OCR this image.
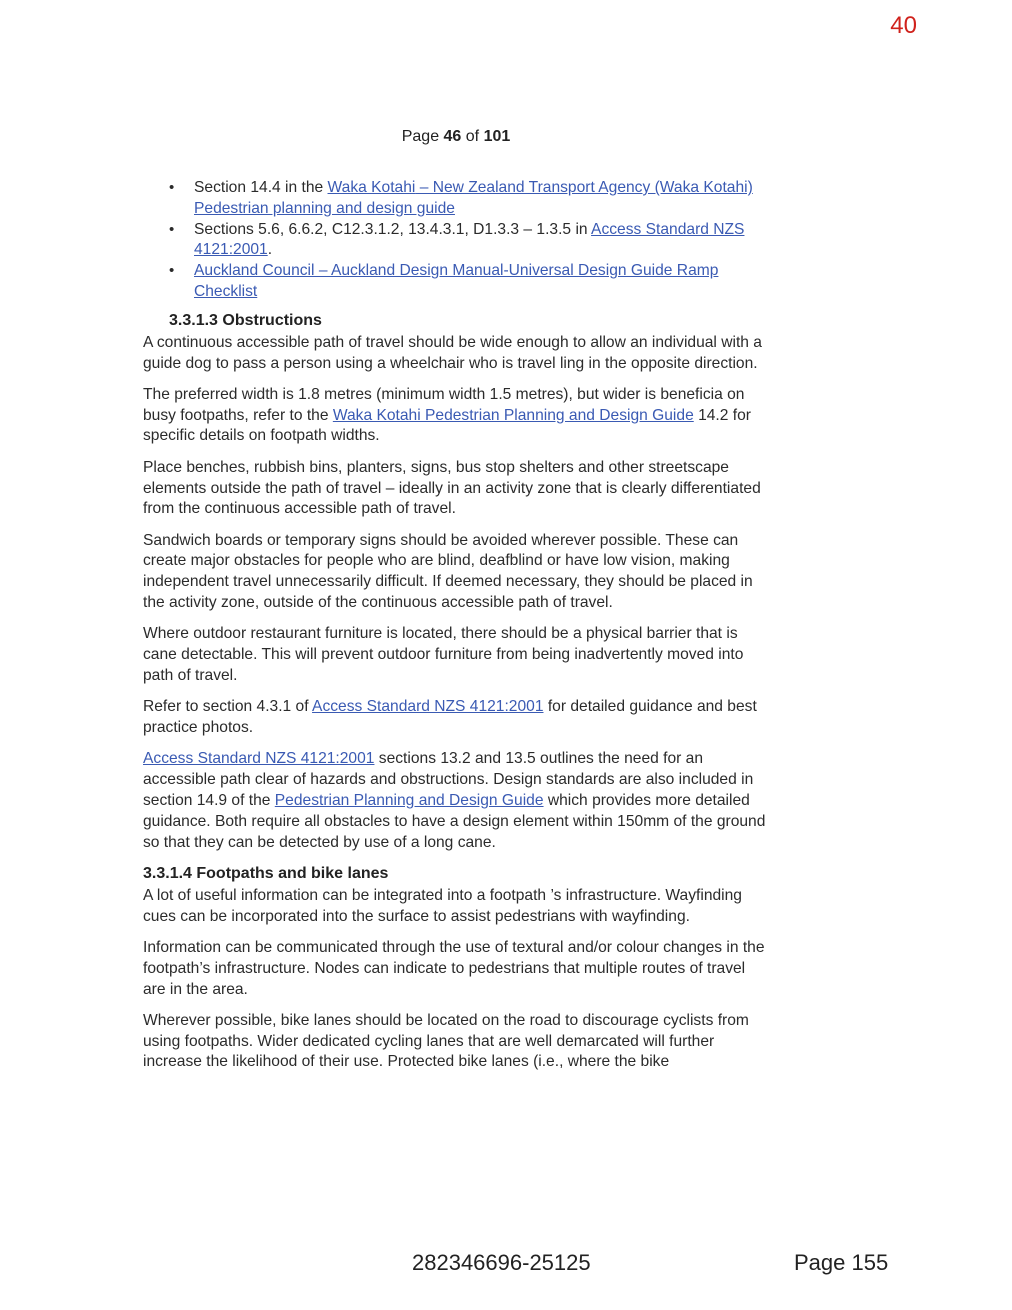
40
Page 46 of 101
• Section 14.4 in the Waka Kotahi – New Zealand Transport Agency (Waka Kotahi) Pedestrian planning and design guide
• Sections 5.6, 6.6.2, C12.3.1.2, 13.4.3.1, D1.3.3 – 1.3.5 in Access Standard NZS 4121:2001.
• Auckland Council – Auckland Design Manual-Universal Design Guide Ramp Checklist
3.3.1.3 Obstructions

A continuous accessible path of travel should be wide enough to allow an individual with a guide dog to pass a person using a wheelchair who is travel ling in the opposite direction.

The preferred width is 1.8 metres (minimum width 1.5 metres), but wider is beneficia on busy footpaths, refer to the Waka Kotahi Pedestrian Planning and Design Guide 14.2 for specific details on footpath widths.

Place benches, rubbish bins, planters, signs, bus stop shelters and other streetscape elements outside the path of travel – ideally in an activity zone that is clearly differentiated from the continuous accessible path of travel.

Sandwich boards or temporary signs should be avoided wherever possible. These can create major obstacles for people who are blind, deafblind or have low vision, making independent travel unnecessarily difficult. If deemed necessary, they should be placed in the activity zone, outside of the continuous accessible path of travel.

Where outdoor restaurant furniture is located, there should be a physical barrier that is cane detectable. This will prevent outdoor furniture from being inadvertently moved into path of travel.

Refer to section 4.3.1 of Access Standard NZS 4121:2001 for detailed guidance and best practice photos.

Access Standard NZS 4121:2001 sections 13.2 and 13.5 outlines the need for an accessible path clear of hazards and obstructions. Design standards are also included in section 14.9 of the Pedestrian Planning and Design Guide which provides more detailed guidance. Both require all obstacles to have a design element within 150mm of the ground so that they can be detected by use of a long cane.

3.3.1.4 Footpaths and bike lanes

A lot of useful information can be integrated into a footpath ’s infrastructure. Wayfinding cues can be incorporated into the surface to assist pedestrians with wayfinding.

Information can be communicated through the use of textural and/or colour changes in the footpath’s infrastructure. Nodes can indicate to pedestrians that multiple routes of travel are in the area.

Wherever possible, bike lanes should be located on the road to discourage cyclists from using footpaths. Wider dedicated cycling lanes that are well demarcated will further increase the likelihood of their use. Protected bike lanes (i.e., where the bike

282346696-25125	Page 155
